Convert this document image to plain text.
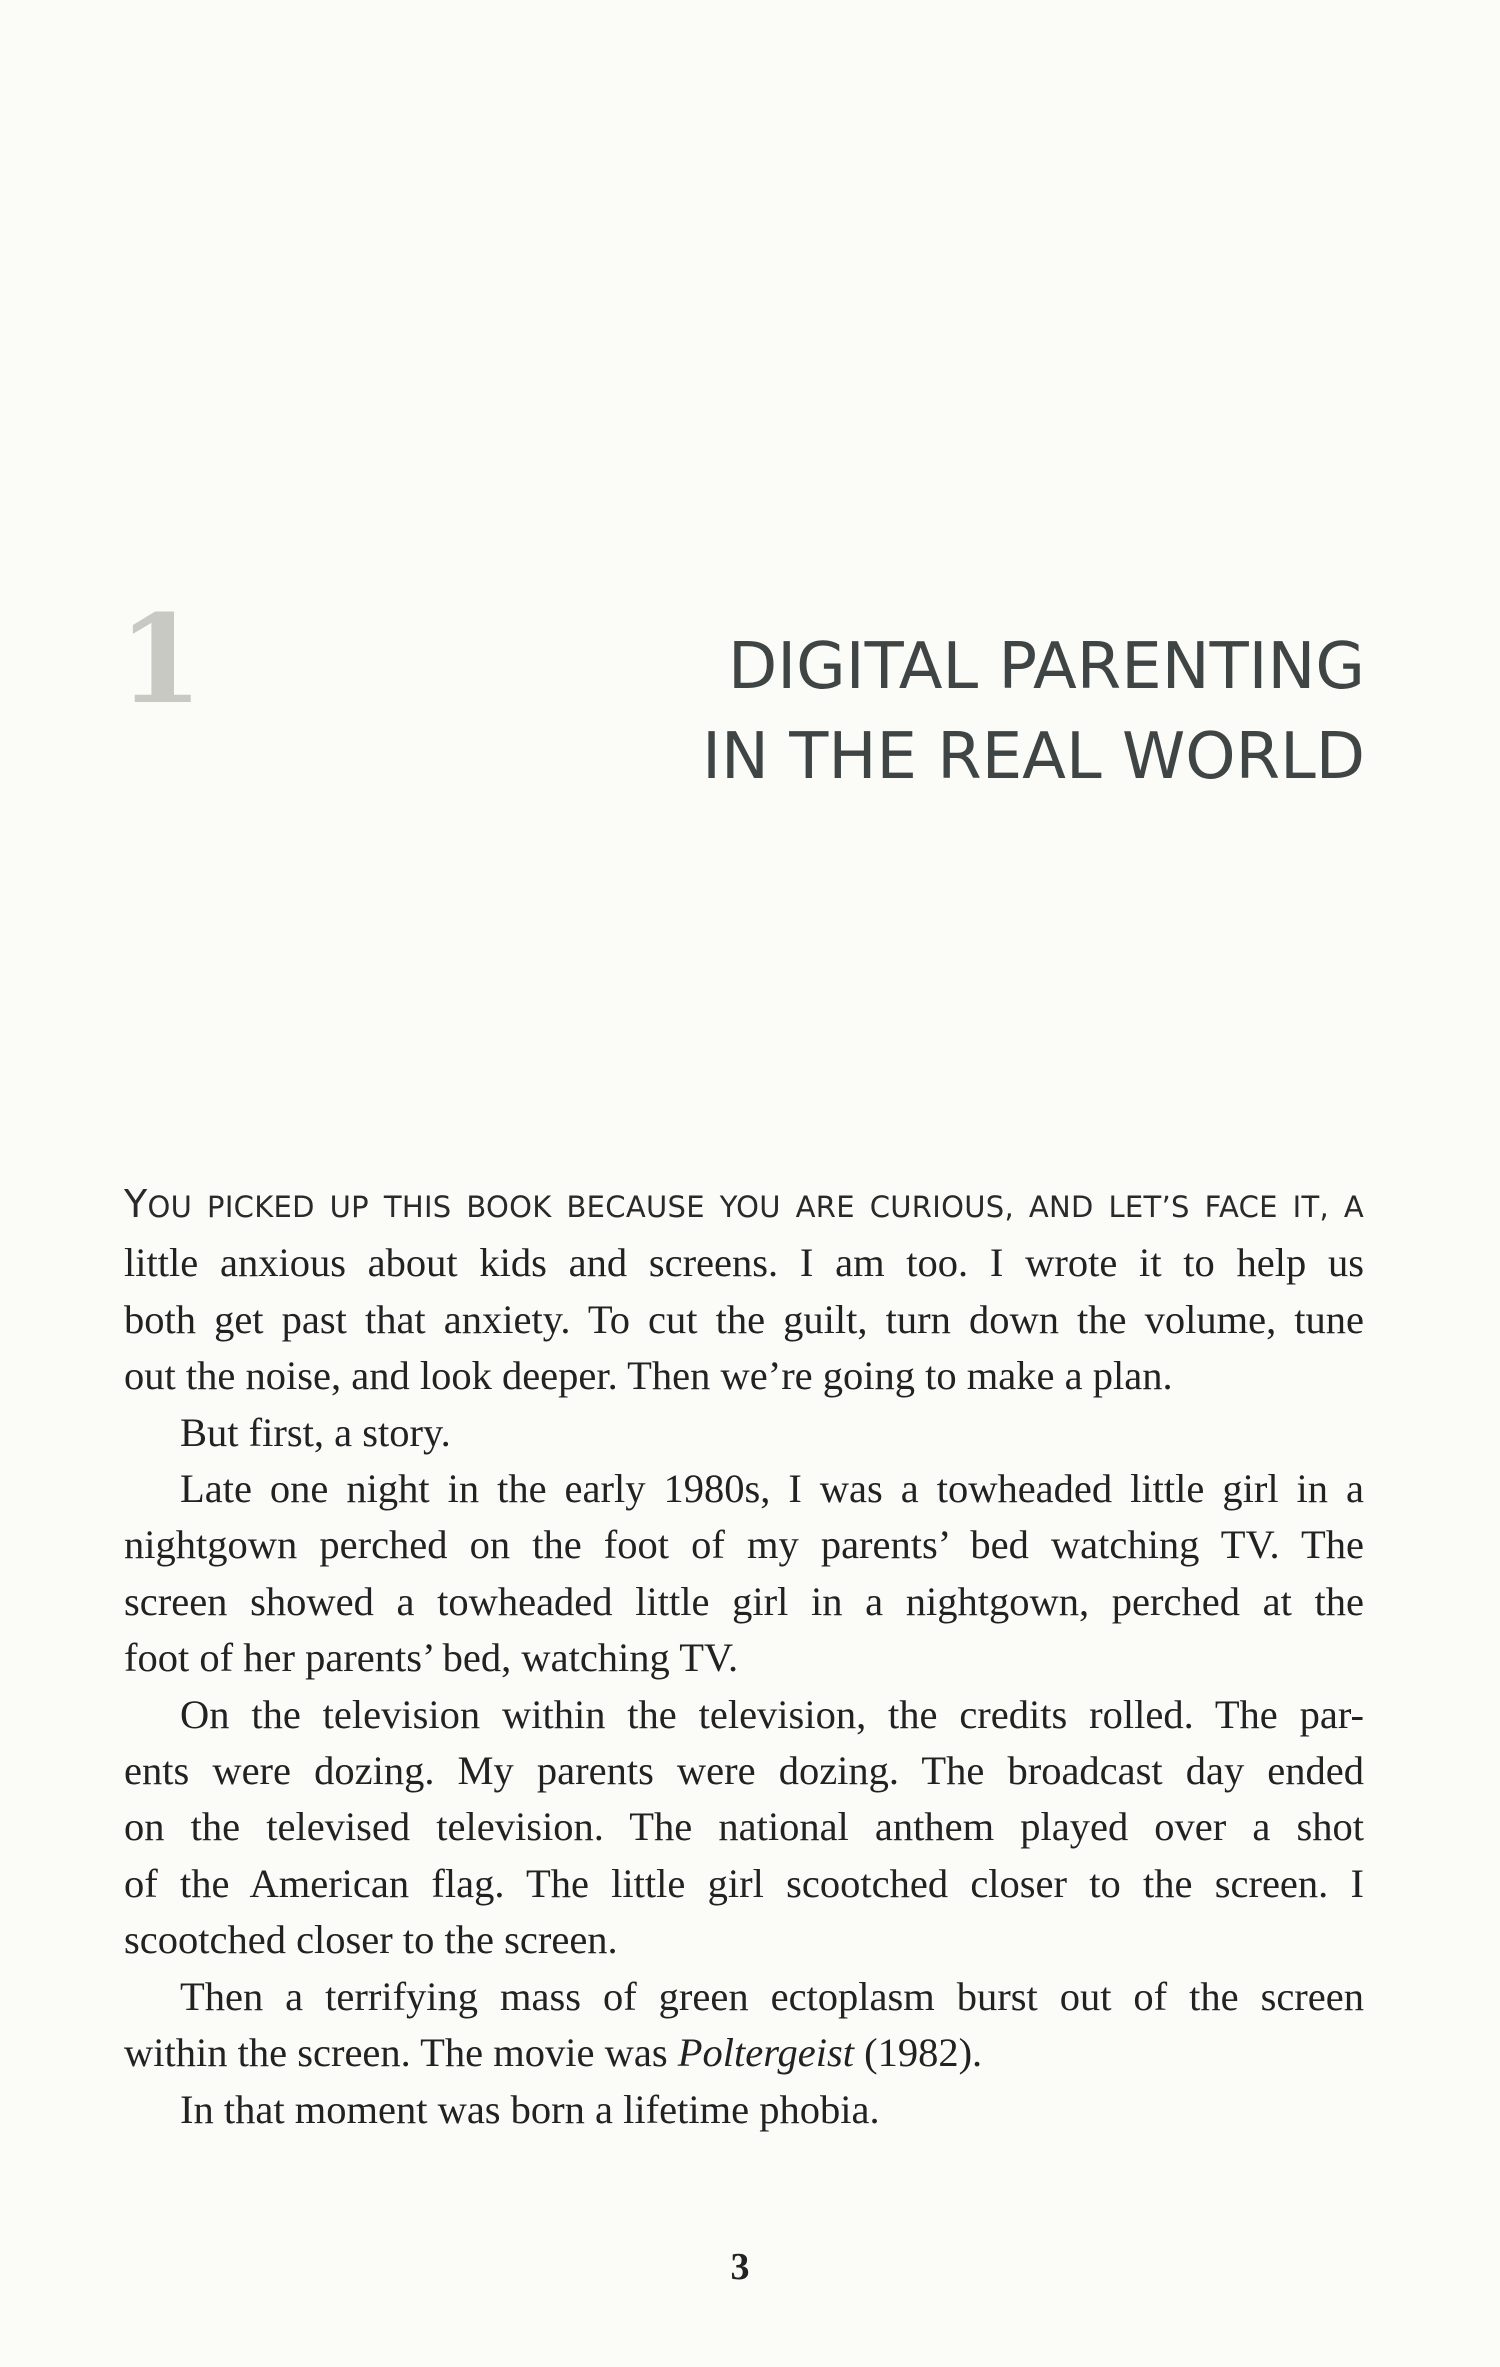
1	DIGITAL PARENTING
IN THE REAL WORLD
YOU PICKED UP THIS BOOK BECAUSE YOU ARE CURIOUS, AND LET’S FACE IT, A
little anxious about kids and screens. I am too. I wrote it to help us
both get past that anxiety. To cut the guilt, turn down the volume, tune
out the noise, and look deeper. Then we’re going to make a plan.
But first, a story.
Late one night in the early 1980s, I was a towheaded little girl in a
nightgown perched on the foot of my parents’ bed watching TV. The
screen showed a towheaded little girl in a nightgown, perched at the
foot of her parents’ bed, watching TV.
On the television within the television, the credits rolled. The par-
ents were dozing. My parents were dozing. The broadcast day ended
on the televised television. The national anthem played over a shot
of the American flag. The little girl scootched closer to the screen. I
scootched closer to the screen.
Then a terrifying mass of green ectoplasm burst out of the screen
within the screen. The movie was Poltergeist (1982).
In that moment was born a lifetime phobia.
3
